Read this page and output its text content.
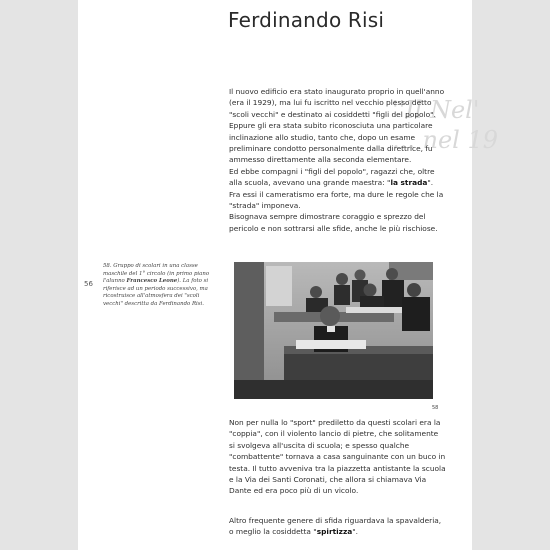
''Il Nel'
... nel 19
Ferdinando Risi

Il nuovo edificio era stato inaugurato proprio in quell'anno (era il 1929), ma lui fu iscritto nel vecchio plesso detto "scoli vecchi" e destinato ai cosiddetti "figli del popolo". Eppure gli era stata subito riconosciuta una particolare inclinazione allo studio, tanto che, dopo un esame preliminare condotto personalmente dalla direttrice, fu ammesso direttamente alla seconda elementare.
Ed ebbe compagni i "figli del popolo", ragazzi che, oltre alla scuola, avevano una grande maestra: "la strada". Fra essi il cameratismo era forte, ma dure le regole che la "strada" imponeva.
Bisognava sempre dimostrare coraggio e sprezzo del pericolo e non sottrarsi alle sfide, anche le più rischiose.

56

58. Gruppo di scolari in una classe maschile del 1° circolo (in primo piano l'alunno Francesco Leone). La foto si riferisce ad un periodo successivo, ma ricostruisce all'atmosfera dei "scoli vecchi" descritta da Ferdinando Risi.

58

Non per nulla lo "sport" prediletto da questi scolari era la "coppia", con il violento lancio di pietre, che solitamente si svolgeva all'uscita di scuola; e spesso qualche "combattente" tornava a casa sanguinante con un buco in testa. Il tutto avveniva tra la piazzetta antistante la scuola e la Via dei Santi Coronati, che allora si chiamava Via Dante ed era poco più di un vicolo.

Altro frequente genere di sfida riguardava la spavalderia, o meglio la cosiddetta "spirtizza".
